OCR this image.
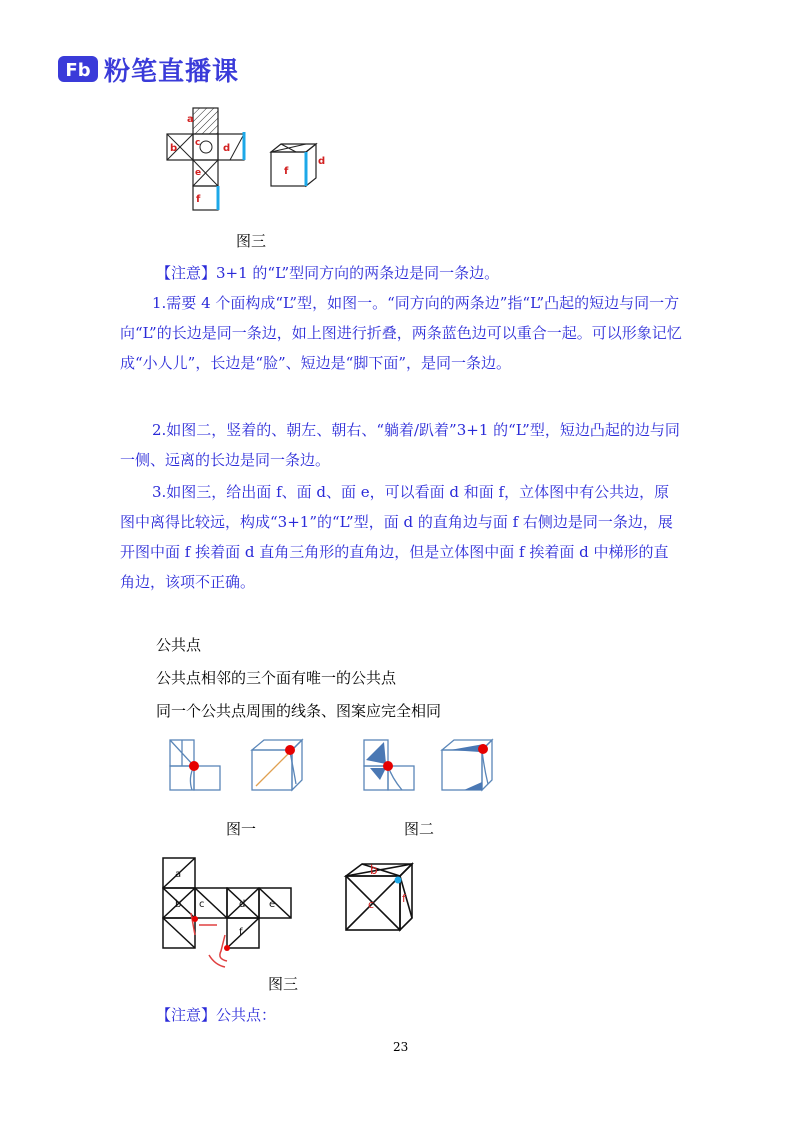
Fb 粉笔直播课
a
b c d
e
f
f
d
图三
【注意】3+1 的“L”型同方向的两条边是同一条边。
1.需要 4 个面构成“L”型，如图一。“同方向的两条边”指“L”凸起的短边与同一方向“L”的长边是同一条边，如上图进行折叠，两条蓝色边可以重合一起。可以形象记忆成“小人儿”，长边是“脸”、短边是“脚下面”，是同一条边。
2.如图二，竖着的、朝左、朝右、“躺着/趴着”3+1 的“L”型，短边凸起的边与同一侧、远离的长边是同一条边。
3.如图三，给出面 f、面 d、面 e，可以看面 d 和面 f，立体图中有公共边，原图中离得比较远，构成“3+1”的“L”型，面 d 的直角边与面 f 右侧边是同一条边，展开图中面 f 挨着面 d 直角三角形的直角边，但是立体图中面 f 挨着面 d 中梯形的直角边，该项不正确。
公共点
公共点相邻的三个面有唯一的公共点
同一个公共点周围的线条、图案应完全相同
图一	图二
a
b c	d e
f
b
c	f
图三
【注意】公共点：
23
